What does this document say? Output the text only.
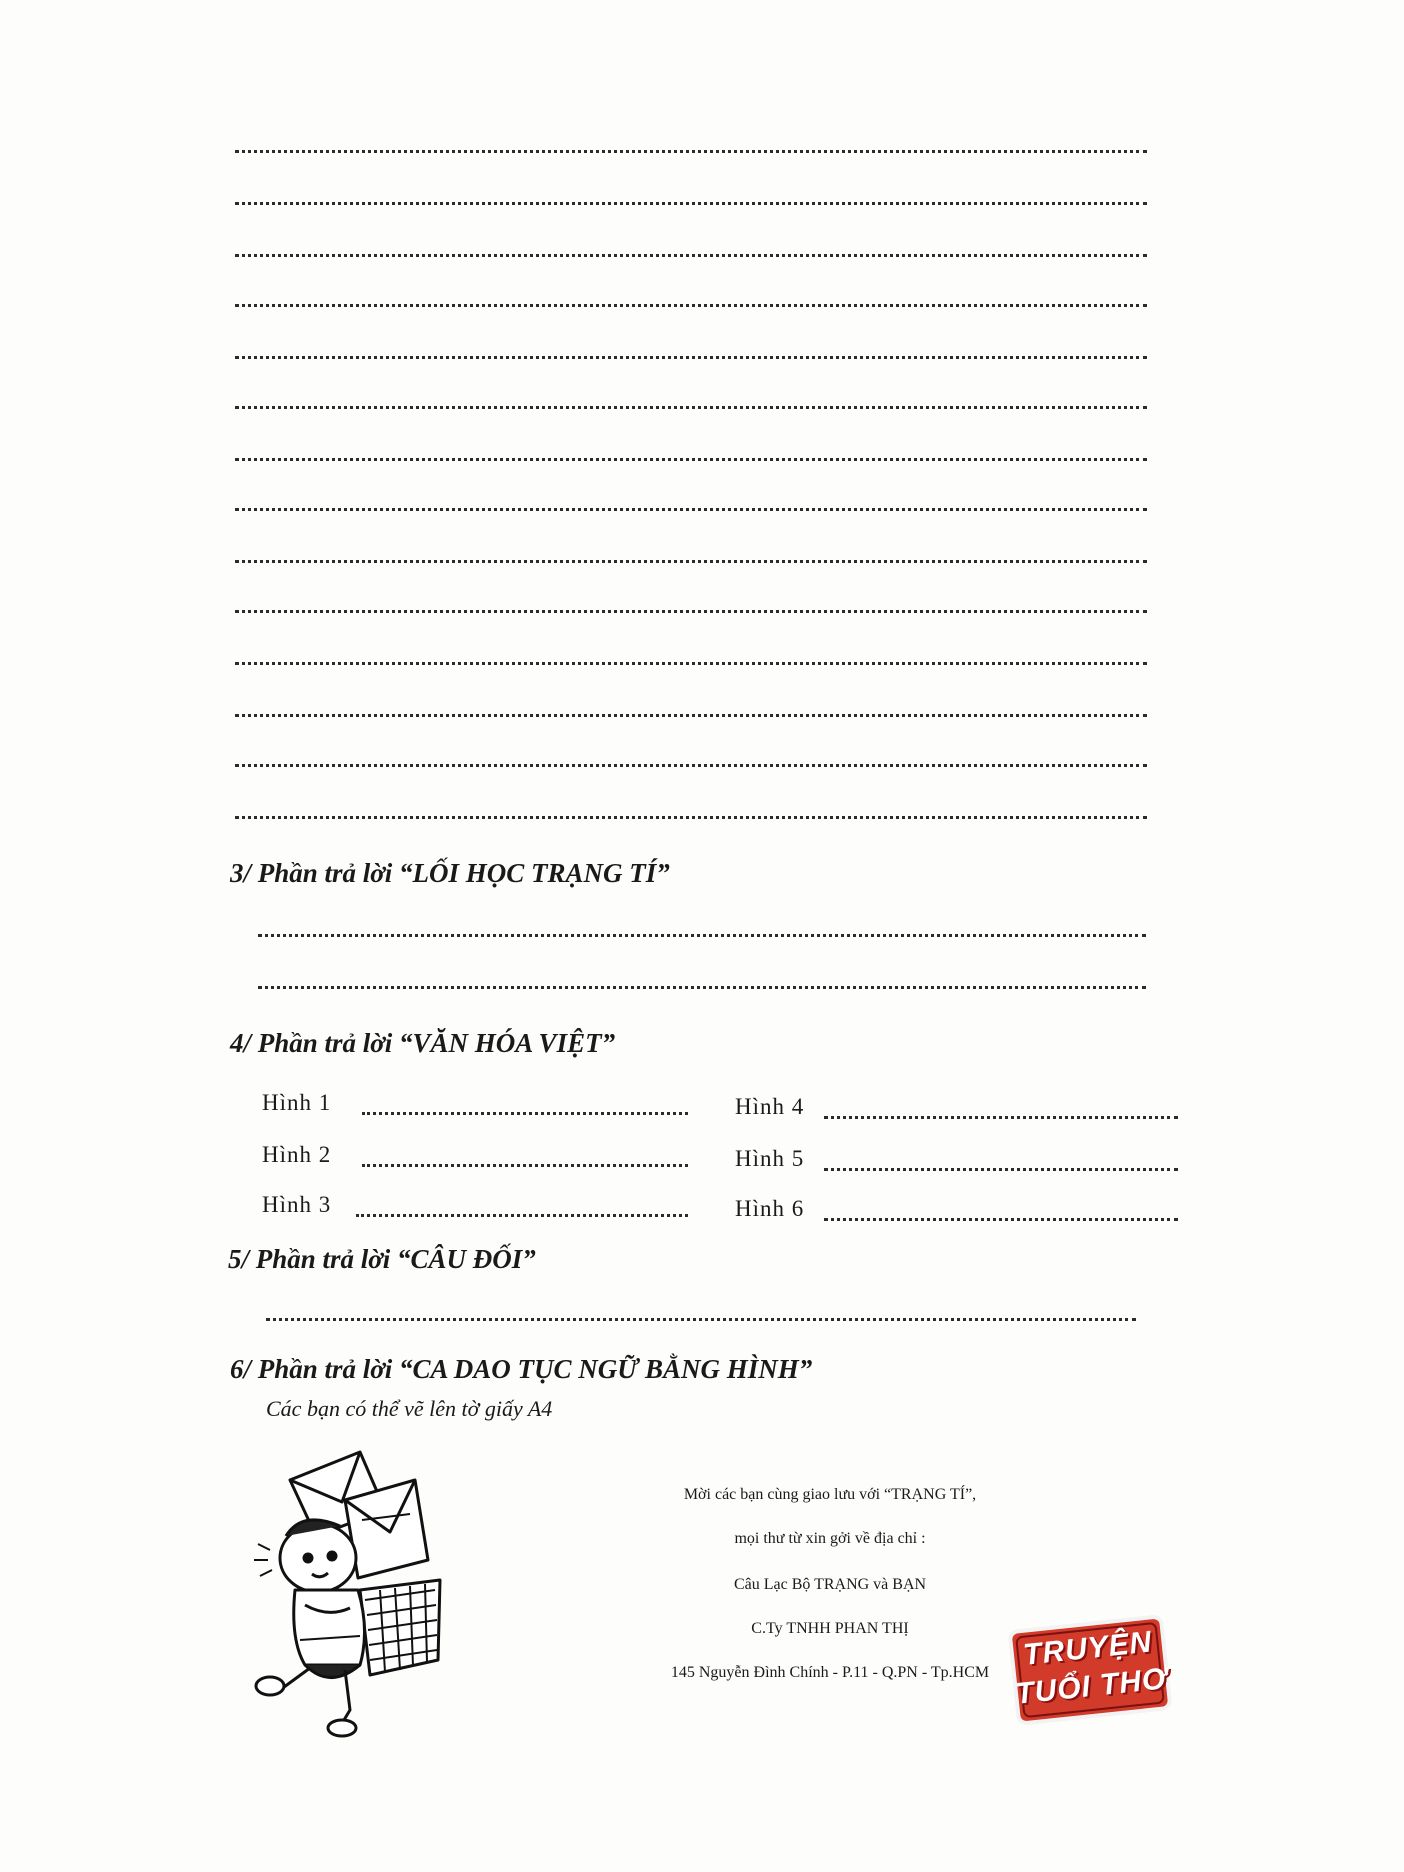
3/ Phần trả lời “LỐI HỌC TRẠNG TÍ”
4/ Phần trả lời “VĂN HÓA VIỆT”
Hình 1
Hình 2
Hình 3
Hình 4
Hình 5
Hình 6
5/ Phần trả lời “CÂU ĐỐI”
6/ Phần trả lời “CA DAO TỤC NGỮ BẰNG HÌNH”
Các bạn có thể vẽ lên tờ giấy A4
Mời các bạn cùng giao lưu với “TRẠNG TÍ”,
mọi thư từ xin gởi về địa chỉ :
Câu Lạc Bộ TRẠNG và BẠN
C.Ty TNHH PHAN THỊ
145 Nguyễn Đình Chính - P.11 - Q.PN - Tp.HCM
TRUYỆN
TUỔI THƠ
